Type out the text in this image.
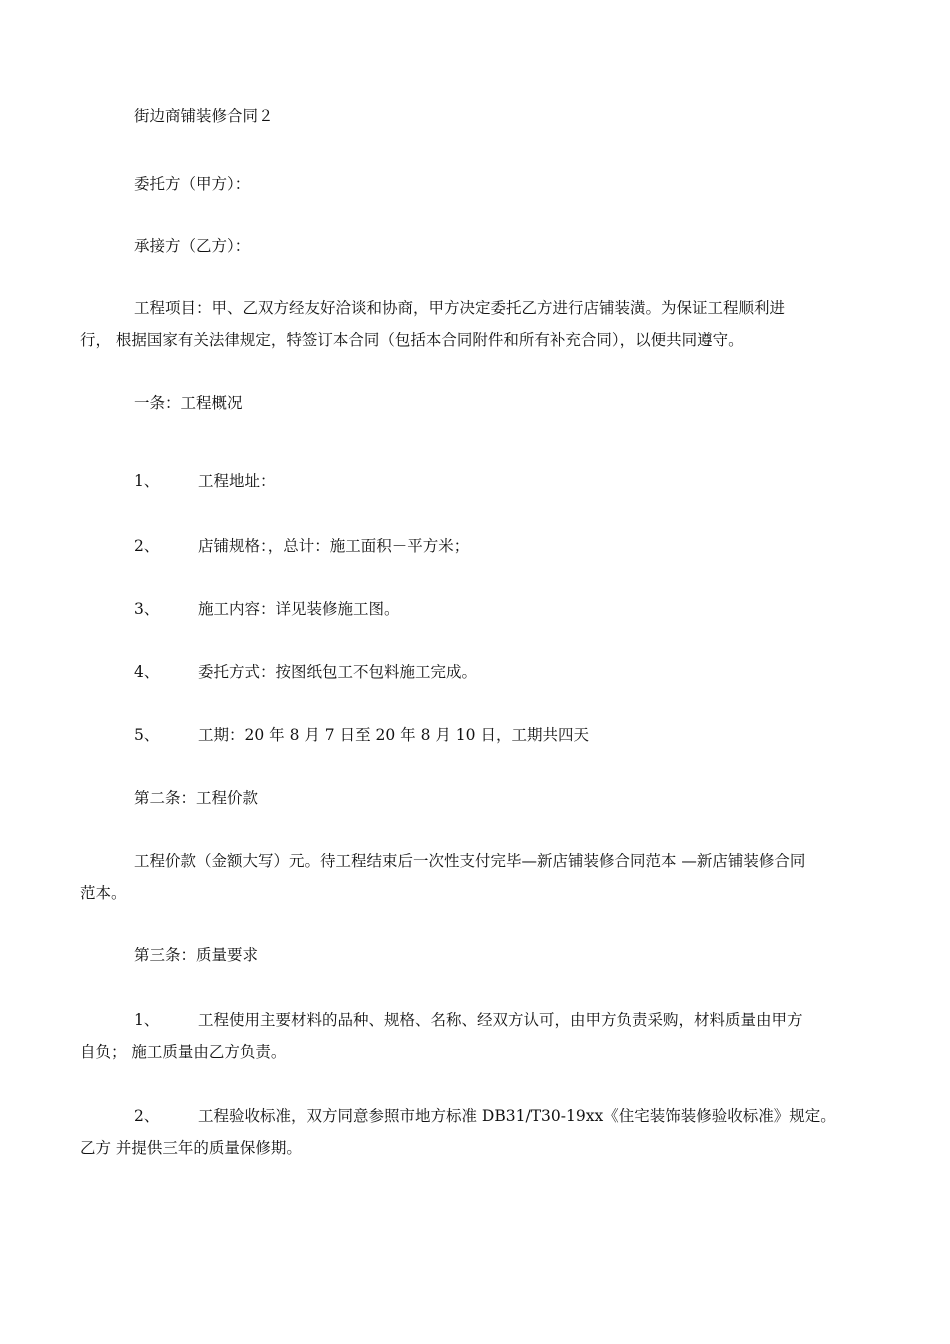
街边商铺装修合同２
委托方（甲方）：
承接方（乙方）：
工程项目：甲、乙双方经友好洽谈和协商，甲方决定委托乙方进行店铺装潢。为保证工程顺利进
行， 根据国家有关法律规定，特签订本合同（包括本合同附件和所有补充合同），以便共同遵守。
一条：工程概况
1、 工程地址：
2、 店铺规格：，总计：施工面积－平方米；
3、 施工内容：详见装修施工图。
4、 委托方式：按图纸包工不包料施工完成。
5、 工期：20 年 8 月 7 日至 20 年 8 月 10 日，工期共四天
第二条：工程价款
工程价款（金额大写）元。待工程结束后一次性支付完毕—新店铺装修合同范本 —新店铺装修合同
范本。
第三条：质量要求
1、 工程使用主要材料的品种、规格、名称、经双方认可，由甲方负责采购，材料质量由甲方
自负； 施工质量由乙方负责。
2、 工程验收标准，双方同意参照市地方标准 DB31/T30-19xx《住宅装饰装修验收标准》规定。
乙方 并提供三年的质量保修期。
